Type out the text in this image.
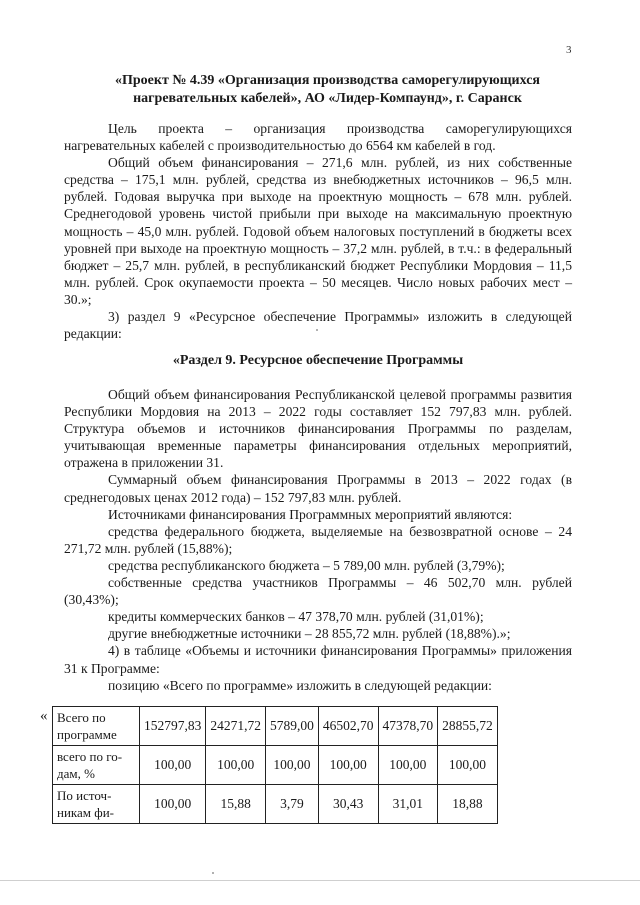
3
«Проект № 4.39 «Организация производства саморегулирующихся
нагревательных кабелей», АО «Лидер-Компаунд», г. Саранск

Цель проекта – организация производства саморегулирующихся нагревательных кабелей с производительностью до 6564 км кабелей в год.

Общий объем финансирования – 271,6 млн. рублей, из них собственные средства – 175,1 млн. рублей, средства из внебюджетных источников – 96,5 млн. рублей. Годовая выручка при выходе на проектную мощность – 678 млн. рублей. Среднегодовой уровень чистой прибыли при выходе на максимальную проектную мощность – 45,0 млн. рублей. Годовой объем налоговых поступлений в бюджеты всех уровней при выходе на проектную мощность – 37,2 млн. рублей, в т.ч.: в федеральный бюджет – 25,7 млн. рублей, в республиканский бюджет Республики Мордовия – 11,5 млн. рублей. Срок окупаемости проекта – 50 месяцев. Число новых рабочих мест – 30.»;

3) раздел 9 «Ресурсное обеспечение Программы» изложить в следующей редакции:

«Раздел 9. Ресурсное обеспечение Программы

Общий объем финансирования Республиканской целевой программы развития Республики Мордовия на 2013 – 2022 годы составляет 152 797,83 млн. рублей. Структура объемов и источников финансирования Программы по разделам, учитывающая временные параметры финансирования отдельных мероприятий, отражена в приложении 31.

Суммарный объем финансирования Программы в 2013 – 2022 годах (в среднегодовых ценах 2012 года) – 152 797,83 млн. рублей.

Источниками финансирования Программных мероприятий являются:

средства федерального бюджета, выделяемые на безвозвратной основе – 24 271,72 млн. рублей (15,88%);

средства республиканского бюджета – 5 789,00 млн. рублей (3,79%);

собственные средства участников Программы – 46 502,70 млн. рублей (30,43%);

кредиты коммерческих банков – 47 378,70 млн. рублей (31,01%);

другие внебюджетные источники – 28 855,72 млн. рублей (18,88%).»;

4) в таблице «Объемы и источники финансирования Программы» приложения 31 к Программе:

позицию «Всего по программе» изложить в следующей редакции:

« Всего по программе	152797,83	24271,72	5789,00	46502,70	47378,70	28855,72
всего по го-дам, %	100,00	100,00	100,00	100,00	100,00	100,00
По источ-никам фи-	100,00	15,88	3,79	30,43	31,01	18,88
